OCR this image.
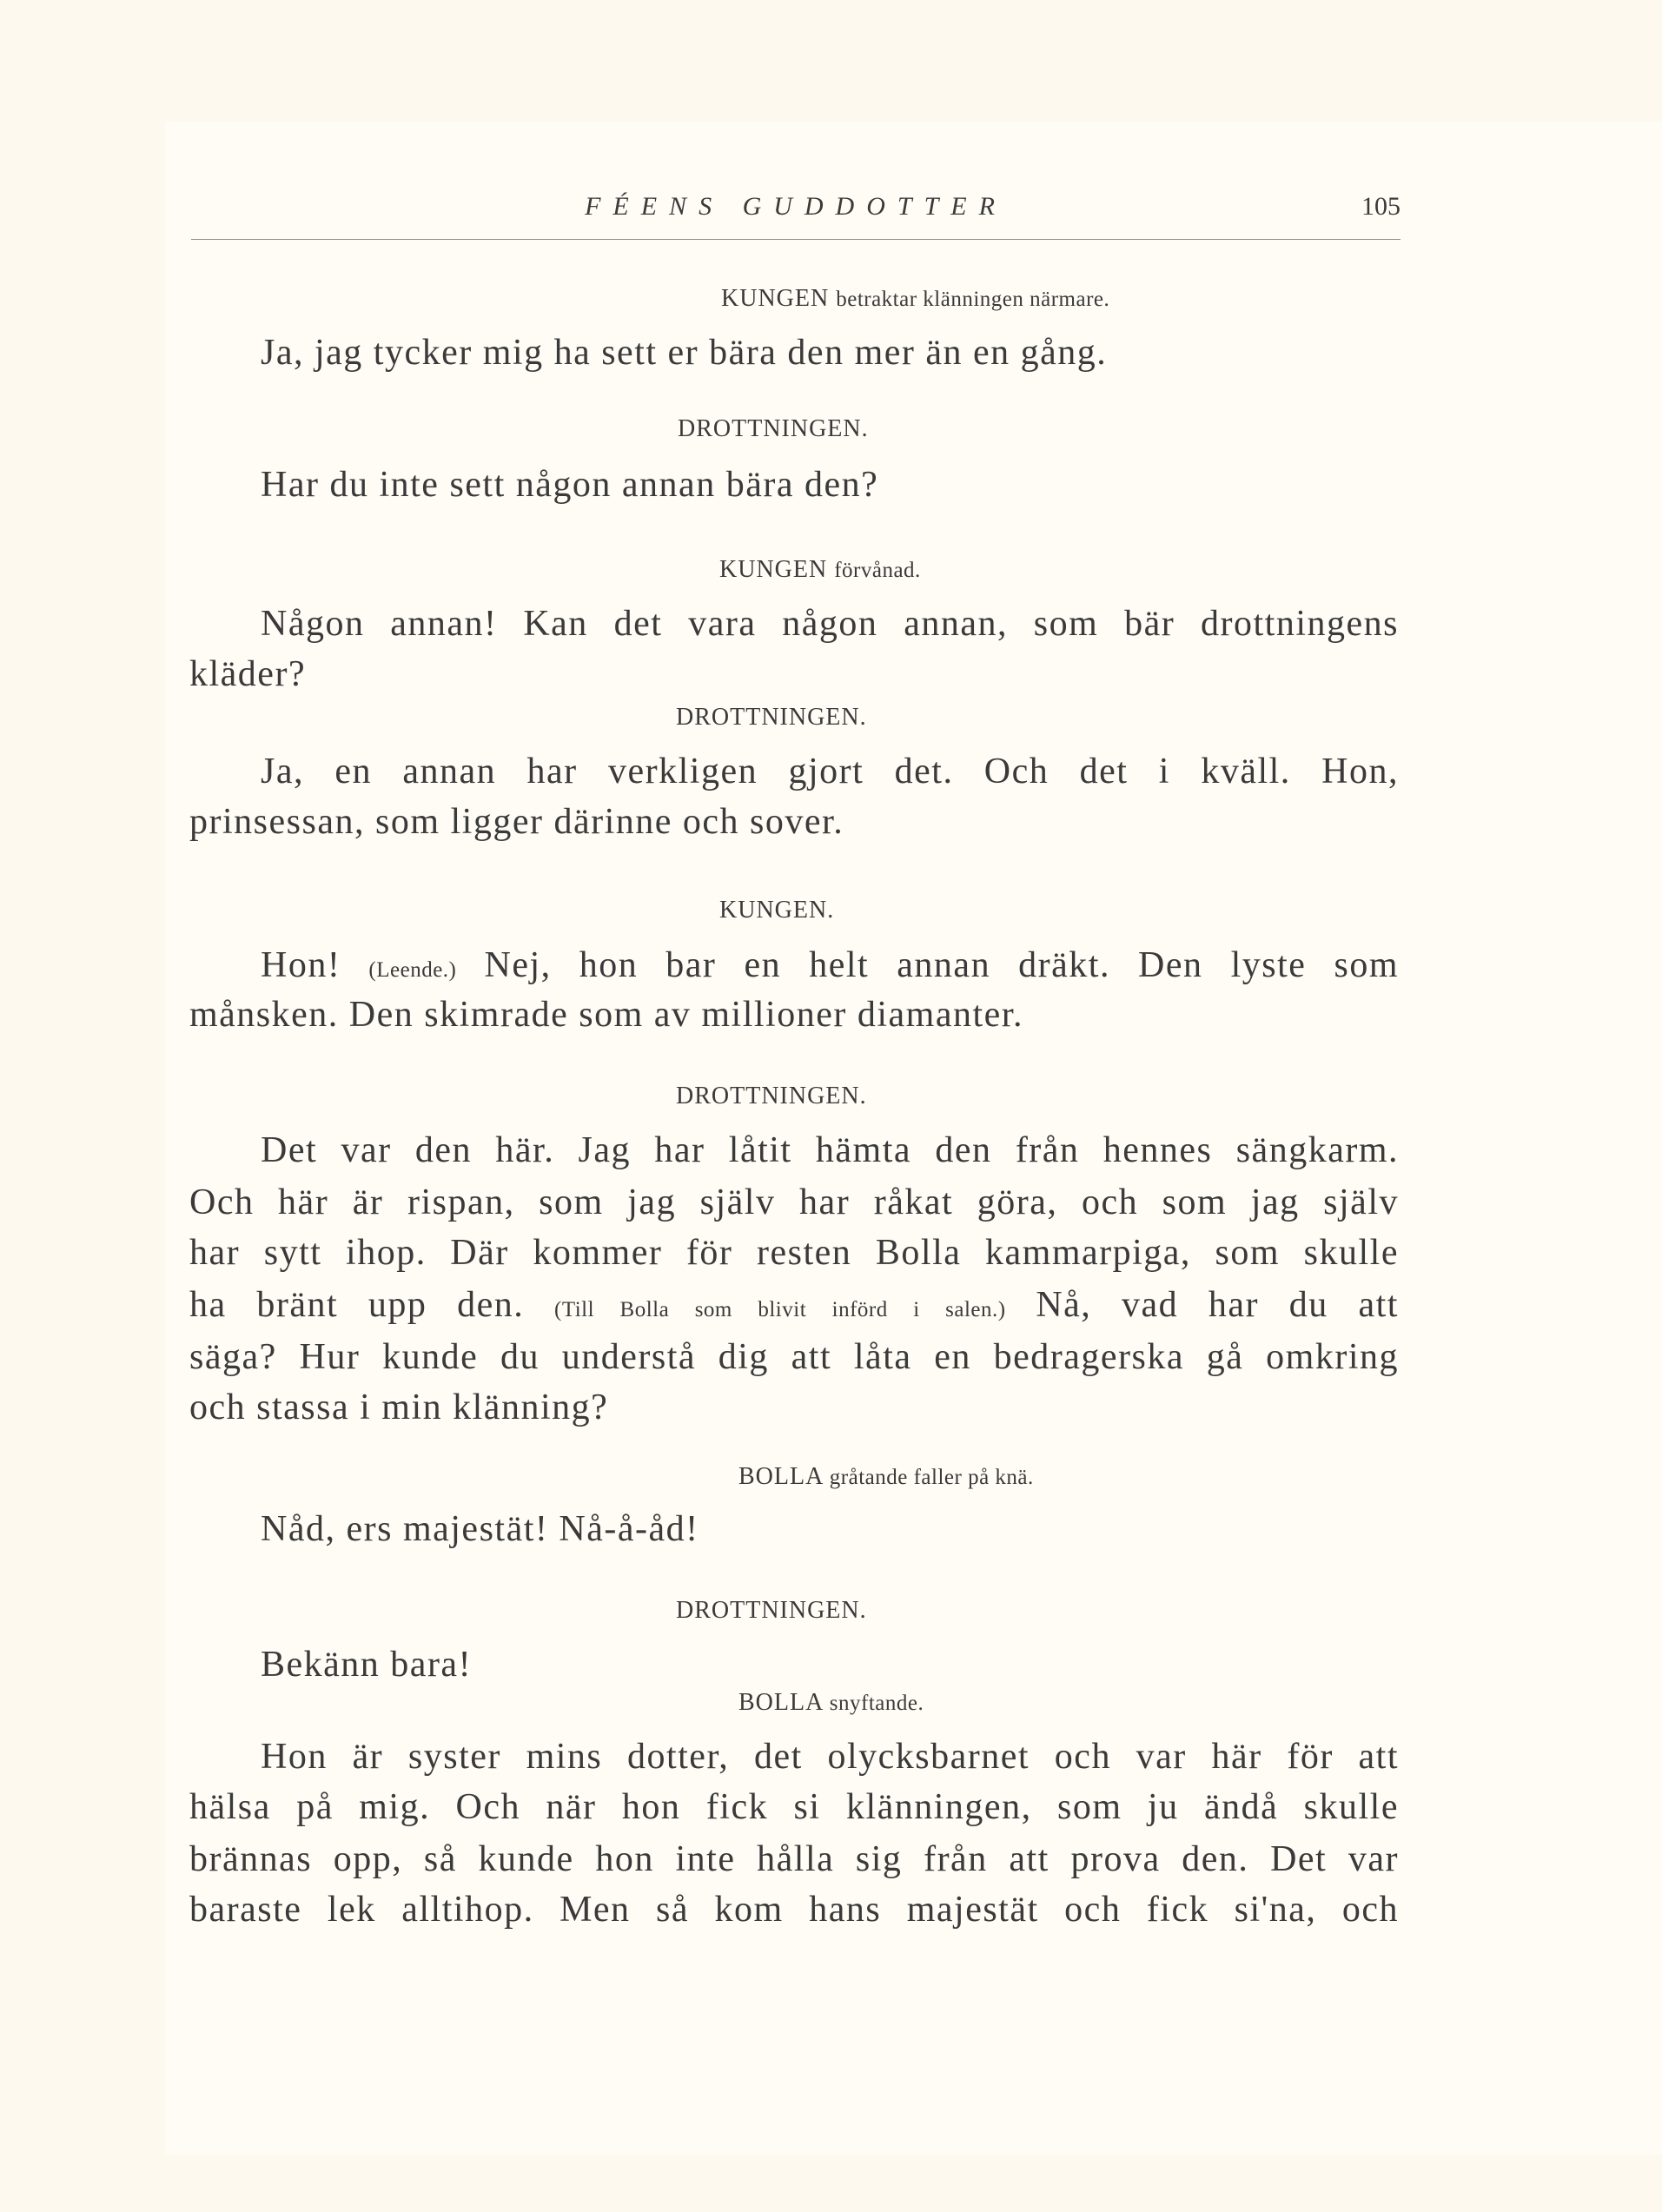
FÉENS GUDDOTTER	105
KUNGEN betraktar klänningen närmare.
Ja, jag tycker mig ha sett er bära den mer än en gång.
DROTTNINGEN.
Har du inte sett någon annan bära den?
KUNGEN förvånad.
Någon annan! Kan det vara någon annan, som bär drottningens
kläder?
DROTTNINGEN.
Ja, en annan har verkligen gjort det. Och det i kväll. Hon,
prinsessan, som ligger därinne och sover.
KUNGEN.
Hon! (Leende.) Nej, hon bar en helt annan dräkt. Den lyste som
månsken. Den skimrade som av millioner diamanter.
DROTTNINGEN.
Det var den här. Jag har låtit hämta den från hennes sängkarm.
Och här är rispan, som jag själv har råkat göra, och som jag själv
har sytt ihop. Där kommer för resten Bolla kammarpiga, som skulle
ha bränt upp den. (Till Bolla som blivit införd i salen.) Nå, vad har du att
säga? Hur kunde du understå dig att låta en bedragerska gå omkring
och stassa i min klänning?
BOLLA gråtande faller på knä.
Nåd, ers majestät! Nå-å-åd!
DROTTNINGEN.
Bekänn bara!
BOLLA snyftande.
Hon är syster mins dotter, det olycksbarnet och var här för att
hälsa på mig. Och när hon fick si klänningen, som ju ändå skulle
brännas opp, så kunde hon inte hålla sig från att prova den. Det var
baraste lek alltihop. Men så kom hans majestät och fick si'na, och
